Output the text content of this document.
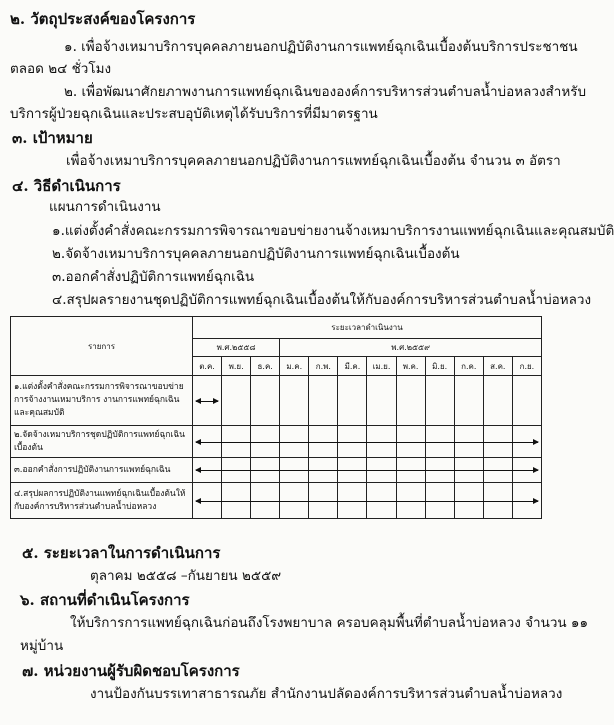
๒. วัตถุประสงค์ของโครงการ
๑. เพื่อจ้างเหมาบริการบุคคลภายนอกปฏิบัติงานการแพทย์ฉุกเฉินเบื้องต้นบริการประชาชน
ตลอด ๒๔ ชั่วโมง
๒. เพื่อพัฒนาศักยภาพงานการแพทย์ฉุกเฉินขององค์การบริหารส่วนตำบลน้ำบ่อหลวงสำหรับ
บริการผู้ป่วยฉุกเฉินและประสบอุบัติเหตุได้รับบริการที่มีมาตรฐาน
๓. เป้าหมาย
เพื่อจ้างเหมาบริการบุคคลภายนอกปฏิบัติงานการแพทย์ฉุกเฉินเบื้องต้น จำนวน ๓ อัตรา
๔. วิธีดำเนินการ
แผนการดำเนินงาน
๑.แต่งตั้งคำสั่งคณะกรรมการพิจารณาขอบข่ายงานจ้างเหมาบริการงานแพทย์ฉุกเฉินและคุณสมบัติ
๒.จัดจ้างเหมาบริการบุคคลภายนอกปฏิบัติงานการแพทย์ฉุกเฉินเบื้องต้น
๓.ออกคำสั่งปฏิบัติการแพทย์ฉุกเฉิน
๔.สรุปผลรายงานชุดปฏิบัติการแพทย์ฉุกเฉินเบื้องต้นให้กับองค์การบริหารส่วนตำบลน้ำบ่อหลวง
รายการ	ระยะเวลาดำเนินงาน											
	พ.ศ.๒๕๕๘			พ.ศ.๒๕๕๙								
	ต.ค.	พ.ย.	ธ.ค.	ม.ค.	ก.พ.	มี.ค.	เม.ย.	พ.ค.	มิ.ย.	ก.ค.	ส.ค.	ก.ย.
๑.แต่งตั้งคำสั่งคณะกรรมการพิจารณาขอบข่ายการจ้างงานเหมาบริการ งานการแพทย์ฉุกเฉินและคุณสมบัติ	

๒.จัดจ้างเหมาบริการชุดปฏิบัติการแพทย์ฉุกเฉินเบื้องต้น	

๓.ออกคำสั่งการปฏิบัติงานการแพทย์ฉุกเฉิน	

๔.สรุปผลการปฏิบัติงานแพทย์ฉุกเฉินเบื้องต้นให้กับองค์การบริหารส่วนตำบลน้ำบ่อหลวง	

๕. ระยะเวลาในการดำเนินการ
ตุลาคม ๒๕๕๘ –กันยายน ๒๕๕๙
๖. สถานที่ดำเนินโครงการ
ให้บริการการแพทย์ฉุกเฉินก่อนถึงโรงพยาบาล ครอบคลุมพื้นที่ตำบลน้ำบ่อหลวง จำนวน ๑๑
หมู่บ้าน
๗. หน่วยงานผู้รับผิดชอบโครงการ
งานป้องกันบรรเทาสาธารณภัย สำนักงานปลัดองค์การบริหารส่วนตำบลน้ำบ่อหลวง
